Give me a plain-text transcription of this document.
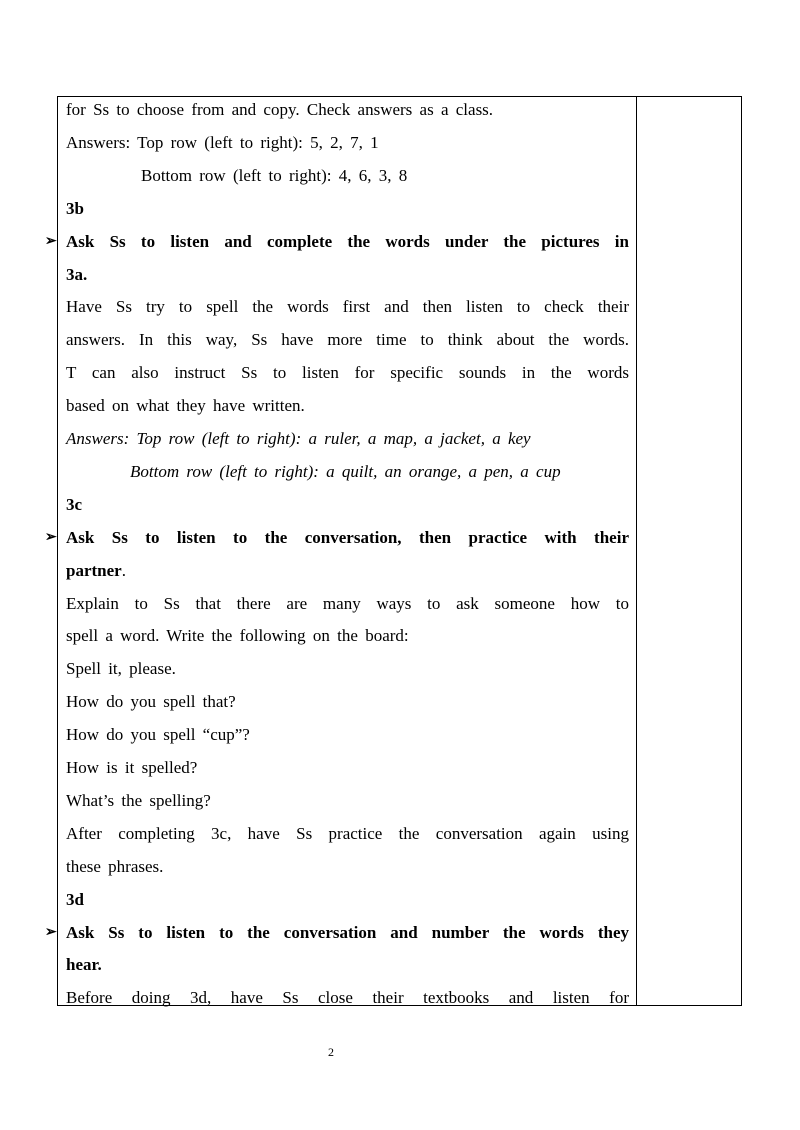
for Ss to choose from and copy. Check answers as a class.
Answers: Top row (left to right): 5, 2, 7, 1
Bottom row (left to right): 4, 6, 3, 8
3b
➢ Ask Ss to listen and complete the words under the pictures in
3a.
Have Ss try to spell the words first and then listen to check their
answers. In this way, Ss have more time to think about the words.
T can also instruct Ss to listen for specific sounds in the words
based on what they have written.
Answers: Top row (left to right): a ruler, a map, a jacket, a key
Bottom row (left to right): a quilt, an orange, a pen, a cup
3c
➢ Ask Ss to listen to the conversation, then practice with their
partner.
Explain to Ss that there are many ways to ask someone how to
spell a word. Write the following on the board:
Spell it, please.
How do you spell that?
How do you spell “cup”?
How is it spelled?
What’s the spelling?
After completing 3c, have Ss practice the conversation again using
these phrases.
3d
➢ Ask Ss to listen to the conversation and number the words they
hear.
Before doing 3d, have Ss close their textbooks and listen for
2
